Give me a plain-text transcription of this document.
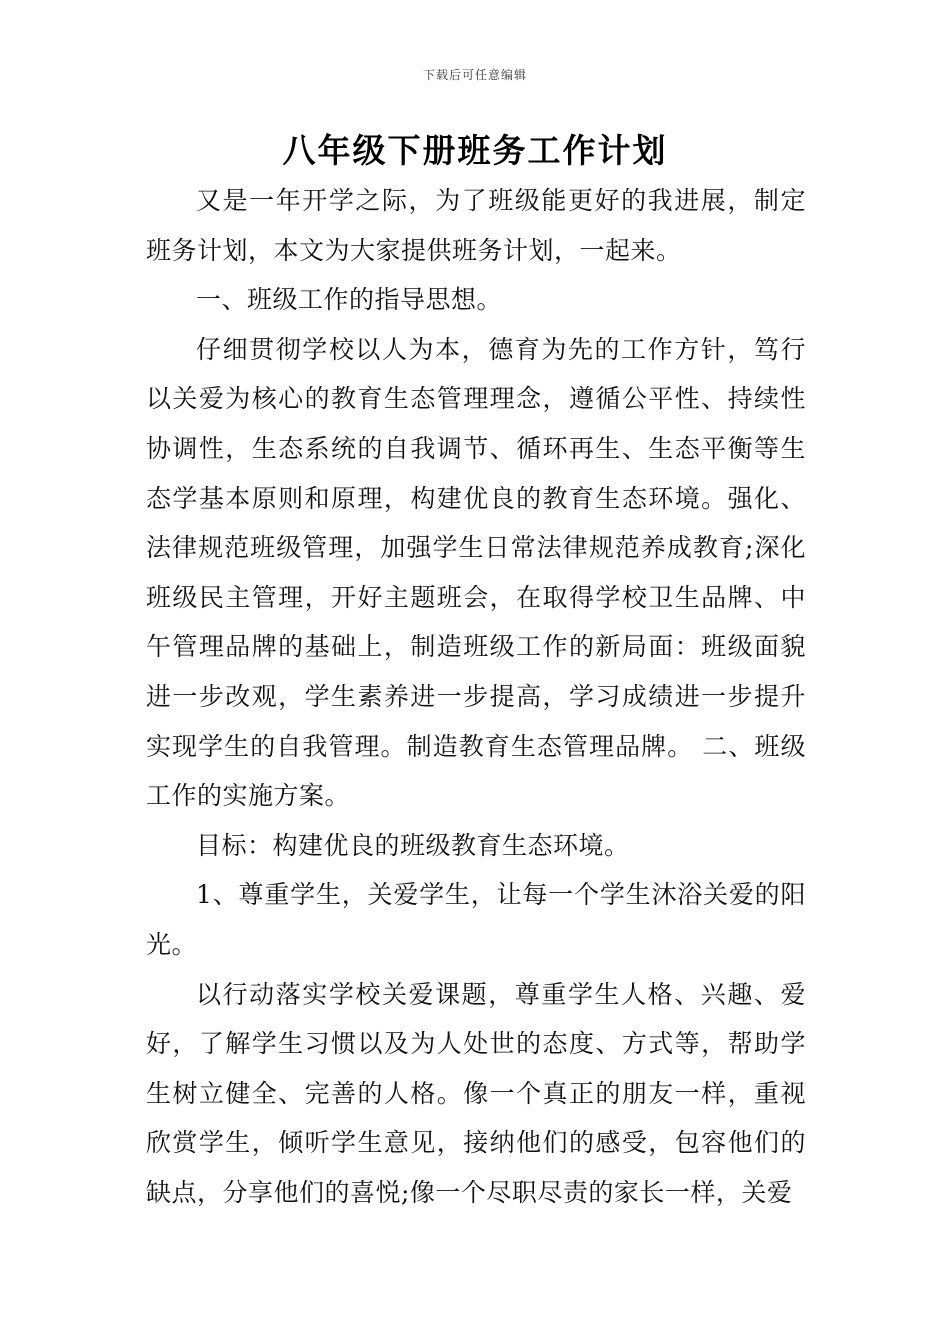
下载后可任意编辑
八年级下册班务工作计划

又是一年开学之际，为了班级能更好的我进展，制定班务计划，本文为大家提供班务计划，一起来。

一、班级工作的指导思想。

仔细贯彻学校以人为本，德育为先的工作方针，笃行以关爱为核心的教育生态管理理念，遵循公平性、持续性协调性，生态系统的自我调节、循环再生、生态平衡等生态学基本原则和原理，构建优良的教育生态环境。强化、法律规范班级管理，加强学生日常法律规范养成教育;深化班级民主管理，开好主题班会，在取得学校卫生品牌、中午管理品牌的基础上，制造班级工作的新局面：班级面貌进一步改观，学生素养进一步提高，学习成绩进一步提升实现学生的自我管理。制造教育生态管理品牌。 二、班级工作的实施方案。

目标：构建优良的班级教育生态环境。

1、尊重学生，关爱学生，让每一个学生沐浴关爱的阳光。

以行动落实学校关爱课题，尊重学生人格、兴趣、爱好，了解学生习惯以及为人处世的态度、方式等，帮助学生树立健全、完善的人格。像一个真正的朋友一样，重视欣赏学生，倾听学生意见，接纳他们的感受，包容他们的缺点，分享他们的喜悦;像一个尽职尽责的家长一样，关爱
